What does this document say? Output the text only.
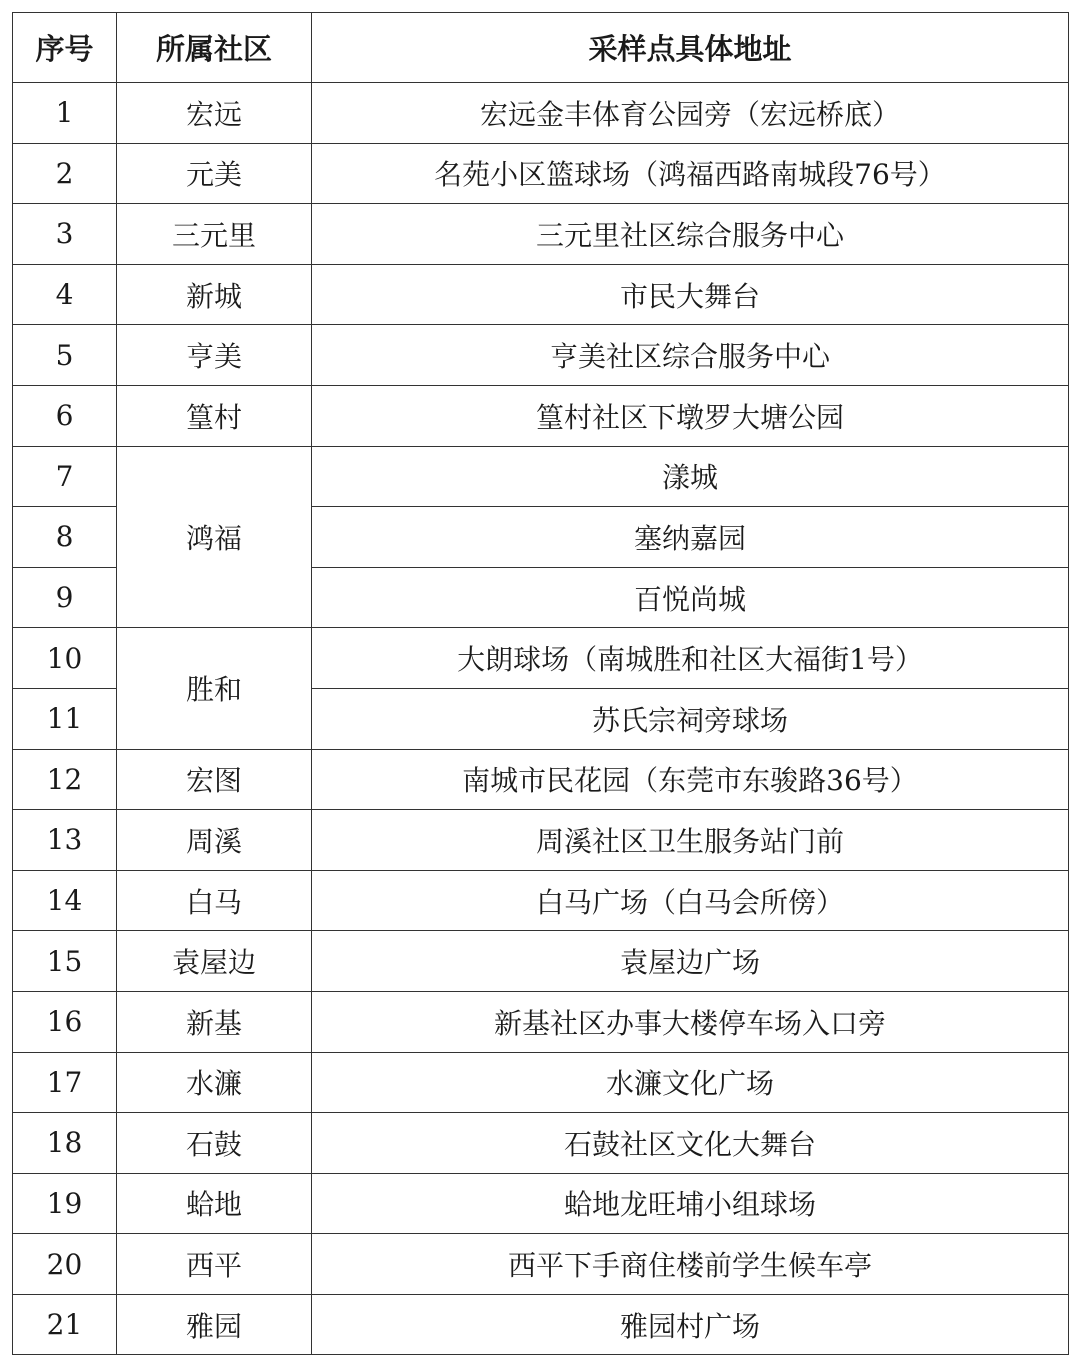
序号	所属社区	采样点具体地址
1	宏远	宏远金丰体育公园旁（宏远桥底）
2	元美	名苑小区篮球场（鸿福西路南城段76号）
3	三元里	三元里社区综合服务中心
4	新城	市民大舞台
5	亨美	亨美社区综合服务中心
6	篁村	篁村社区下墩罗大塘公园
7	鸿福	漾城
8		塞纳嘉园
9		百悦尚城
10	胜和	大朗球场（南城胜和社区大福街1号）
11		苏氏宗祠旁球场
12	宏图	南城市民花园（东莞市东骏路36号）
13	周溪	周溪社区卫生服务站门前
14	白马	白马广场（白马会所傍）
15	袁屋边	袁屋边广场
16	新基	新基社区办事大楼停车场入口旁
17	水濂	水濂文化广场
18	石鼓	石鼓社区文化大舞台
19	蛤地	蛤地龙旺埔小组球场
20	西平	西平下手商住楼前学生候车亭
21	雅园	雅园村广场
